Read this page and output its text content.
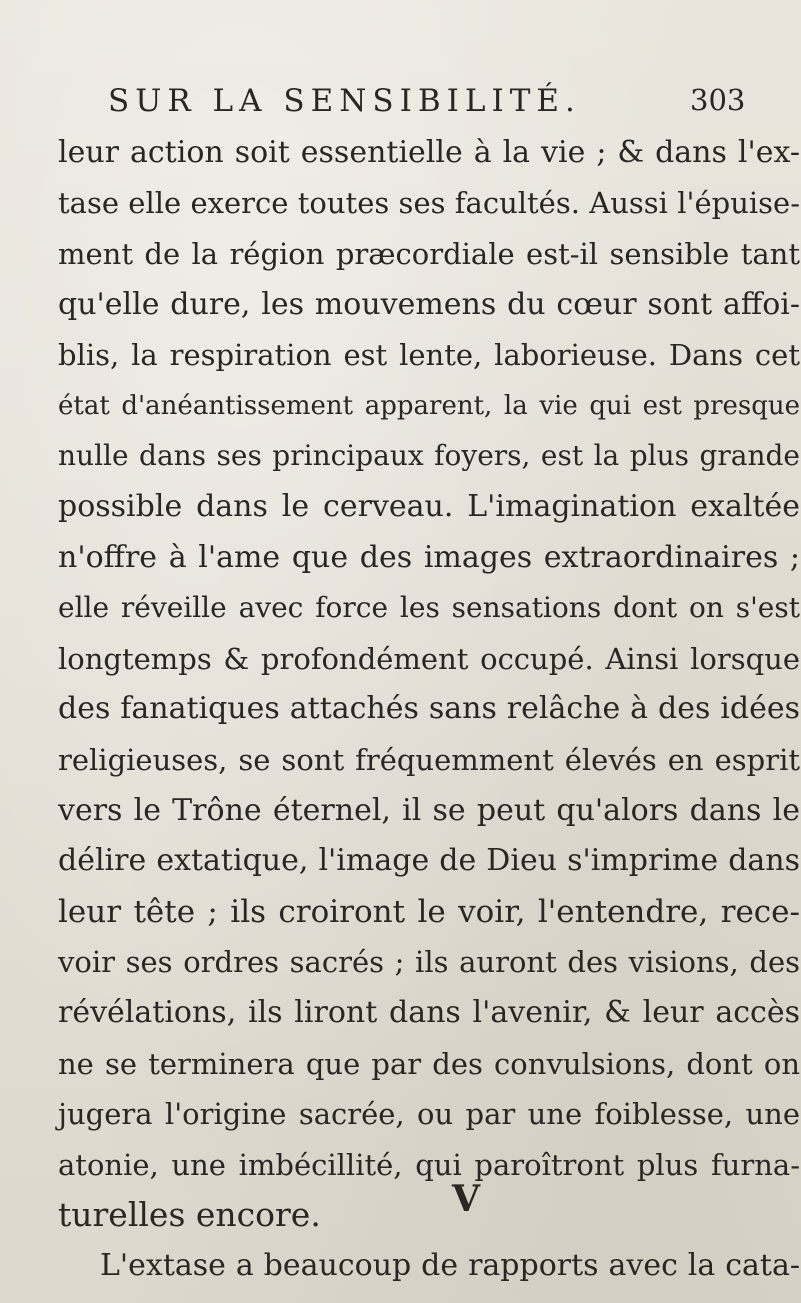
SUR LA SENSIBILITÉ.	303
leur action soit essentielle à la vie ; & dans l'ex-
tase elle exerce toutes ses facultés. Aussi l'épuise-
ment de la région præcordiale est-il sensible tant
qu'elle dure, les mouvemens du cœur sont affoi-
blis, la respiration est lente, laborieuse. Dans cet
état d'anéantissement apparent, la vie qui est presque
nulle dans ses principaux foyers, est la plus grande
possible dans le cerveau. L'imagination exaltée
n'offre à l'ame que des images extraordinaires ;
elle réveille avec force les sensations dont on s'est
longtemps & profondément occupé. Ainsi lorsque
des fanatiques attachés sans relâche à des idées
religieuses, se sont fréquemment élevés en esprit
vers le Trône éternel, il se peut qu'alors dans le
délire extatique, l'image de Dieu s'imprime dans
leur tête ; ils croiront le voir, l'entendre, rece-
voir ses ordres sacrés ; ils auront des visions, des
révélations, ils liront dans l'avenir, & leur accès
ne se terminera que par des convulsions, dont on
jugera l'origine sacrée, ou par une foiblesse, une
atonie, une imbécillité, qui paroîtront plus furna-
turelles encore.
L'extase a beaucoup de rapports avec la cata-
V
